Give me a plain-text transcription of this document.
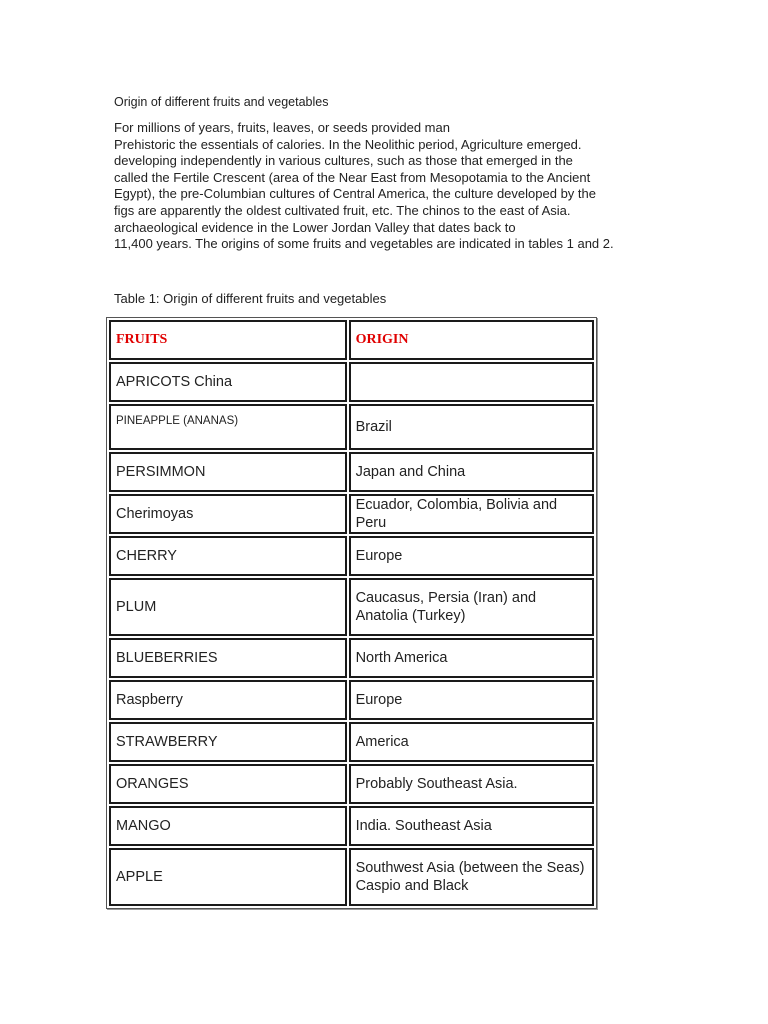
Origin of different fruits and vegetables
For millions of years, fruits, leaves, or seeds provided man
Prehistoric the essentials of calories. In the Neolithic period, Agriculture emerged.
developing independently in various cultures, such as those that emerged in the
called the Fertile Crescent (area of the Near East from Mesopotamia to the Ancient
Egypt), the pre-Columbian cultures of Central America, the culture developed by the
figs are apparently the oldest cultivated fruit, etc. The chinos to the east of Asia.
archaeological evidence in the Lower Jordan Valley that dates back to
11,400 years. The origins of some fruits and vegetables are indicated in tables 1 and 2.
Table 1: Origin of different fruits and vegetables
FRUITS	ORIGIN
APRICOTS China	
PINEAPPLE (ANANAS)	Brazil
PERSIMMON	Japan and China
Cherimoyas	Ecuador, Colombia, Bolivia and Peru
CHERRY	Europe
PLUM	Caucasus, Persia (Iran) and Anatolia (Turkey)
BLUEBERRIES	North America
Raspberry	Europe
STRAWBERRY	America
ORANGES	Probably Southeast Asia.
MANGO	India. Southeast Asia
APPLE	Southwest Asia (between the Seas) Caspio and Black
